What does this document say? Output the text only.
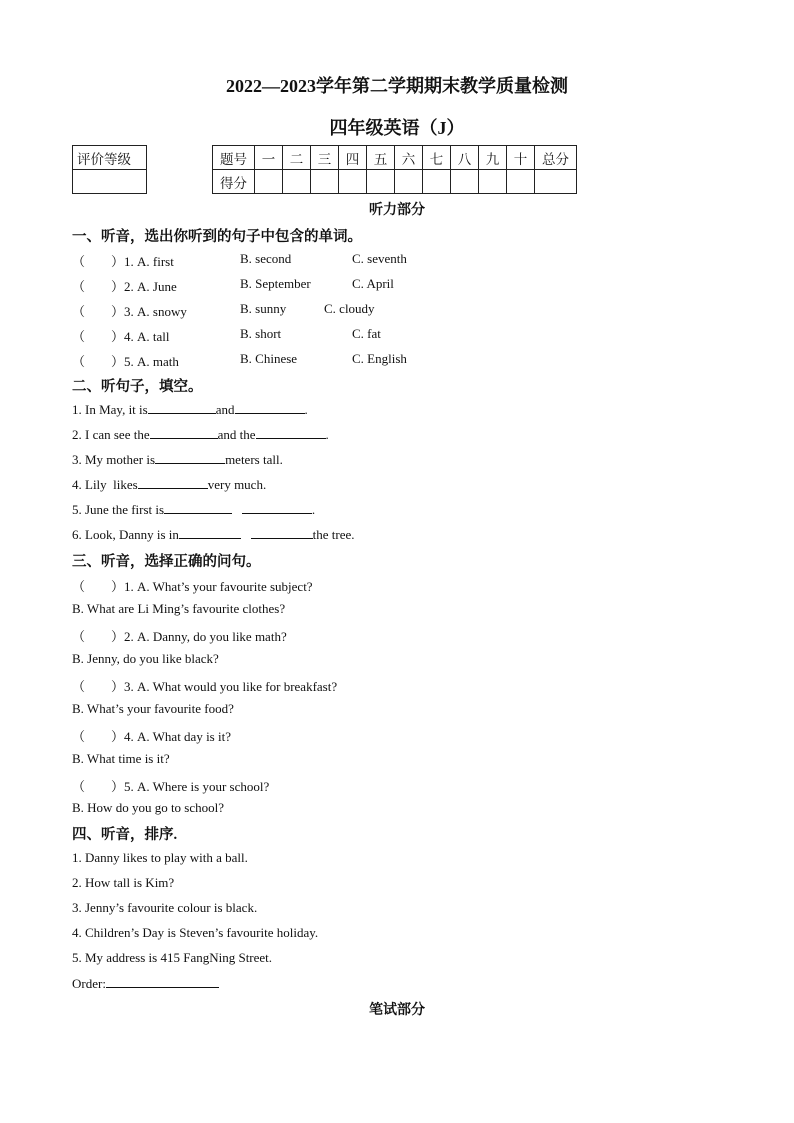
2022—2023学年第二学期期末教学质量检测
四年级英语（J）
评价等级	题号	一	二	三	四	五	六	七	八	九	十	总分
得分											
听力部分
一、听音，选出你听到的句子中包含的单词。
（　　）1. A. first	B. second	C. seventh
（　　）2. A. June	B. September	C. April
（　　）3. A. snowy	B. sunny	C. cloudy
（　　）4. A. tall	B. short	C. fat
（　　）5. A. math	B. Chinese	C. English
二、听句子，填空。
1. In May, it is	and	.
2. I can see the	and the	.
3. My mother is	meters tall.
4. Lily  likes	very much.
5. June the first is	.
6. Look, Danny is in	the tree.
三、听音，选择正确的问句。
（　　）1. A. What’s your favourite subject?
B. What are Li Ming’s favourite clothes?
（　　）2. A. Danny, do you like math?
B. Jenny, do you like black?
（　　）3. A. What would you like for breakfast?
B. What’s your favourite food?
（　　）4. A. What day is it?
B. What time is it?
（　　）5. A. Where is your school?
B. How do you go to school?
四、听音，排序.
1. Danny likes to play with a ball.
2. How tall is Kim?
3. Jenny’s favourite colour is black.
4. Children’s Day is Steven’s favourite holiday.
5. My address is 415 FangNing Street.
Order:
笔试部分
